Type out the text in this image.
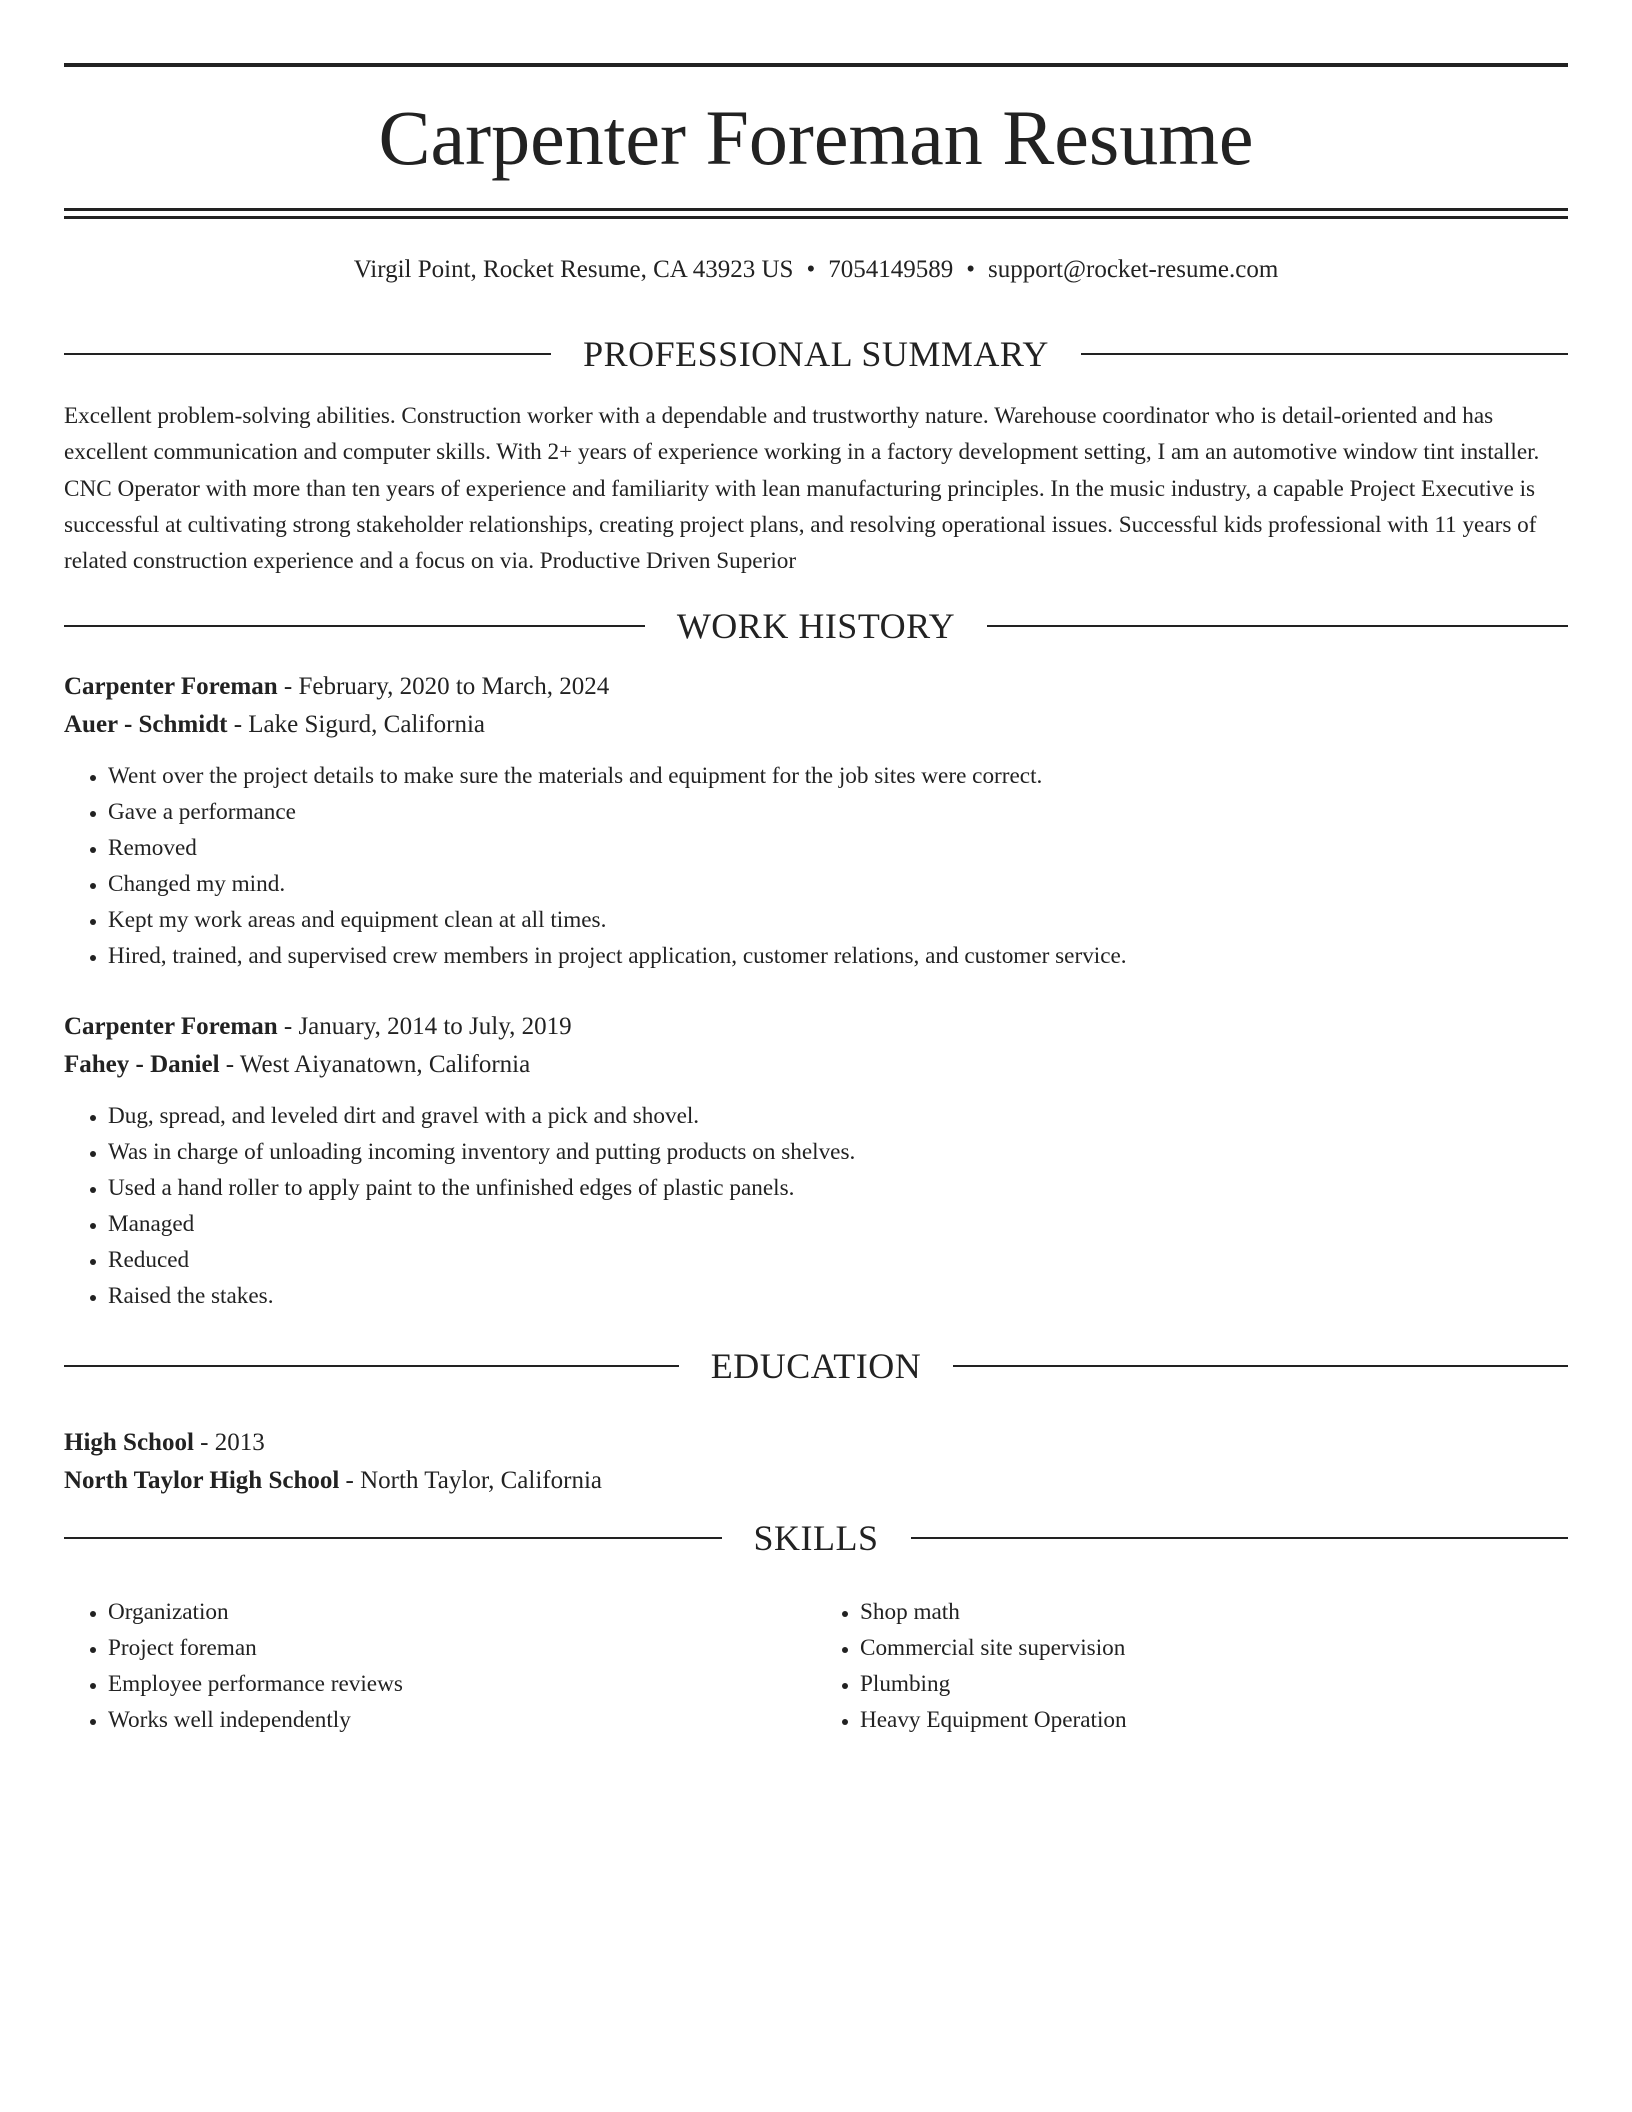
Carpenter Foreman Resume
Virgil Point, Rocket Resume, CA 43923 US • 7054149589 • support@rocket-resume.com
PROFESSIONAL SUMMARY

Excellent problem-solving abilities. Construction worker with a dependable and trustworthy nature. Warehouse coordinator who is detail-oriented and has excellent communication and computer skills. With 2+ years of experience working in a factory development setting, I am an automotive window tint installer. CNC Operator with more than ten years of experience and familiarity with lean manufacturing principles. In the music industry, a capable Project Executive is successful at cultivating strong stakeholder relationships, creating project plans, and resolving operational issues. Successful kids professional with 11 years of related construction experience and a focus on via. Productive Driven Superior

WORK HISTORY
Carpenter Foreman - February, 2020 to March, 2024
Auer - Schmidt - Lake Sigurd, California
• Went over the project details to make sure the materials and equipment for the job sites were correct.
• Gave a performance
• Removed
• Changed my mind.
• Kept my work areas and equipment clean at all times.
• Hired, trained, and supervised crew members in project application, customer relations, and customer service.
Carpenter Foreman - January, 2014 to July, 2019
Fahey - Daniel - West Aiyanatown, California
• Dug, spread, and leveled dirt and gravel with a pick and shovel.
• Was in charge of unloading incoming inventory and putting products on shelves.
• Used a hand roller to apply paint to the unfinished edges of plastic panels.
• Managed
• Reduced
• Raised the stakes.
EDUCATION
High School - 2013
North Taylor High School - North Taylor, California
SKILLS
• Organization
• Project foreman
• Employee performance reviews
• Works well independently
• Shop math
• Commercial site supervision
• Plumbing
• Heavy Equipment Operation
